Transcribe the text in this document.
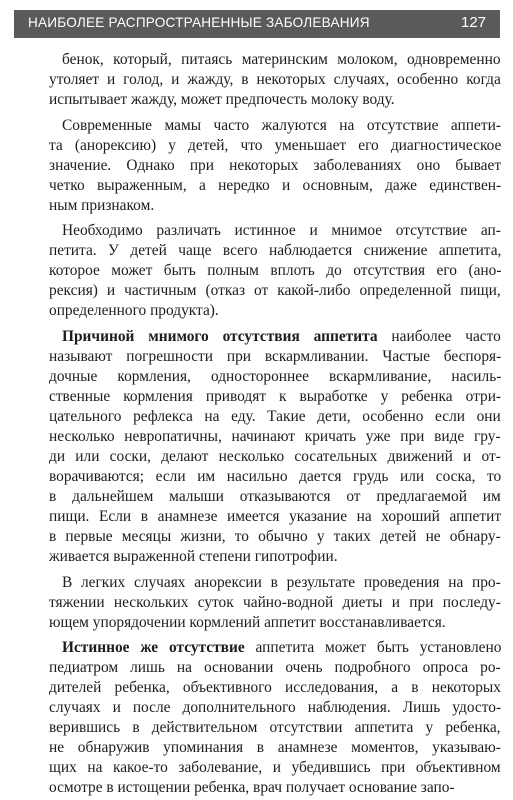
НАИБОЛЕЕ РАСПРОСТРАНЕННЫЕ ЗАБОЛЕВАНИЯ	127
бенок, который, питаясь материнским молоком, одновременно
утоляет и голод, и жажду, в некоторых случаях, особенно когда
испытывает жажду, может предпочесть молоку воду.
Современные мамы часто жалуются на отсутствие аппети-
та (анорексию) у детей, что уменьшает его диагностическое
значение. Однако при некоторых заболеваниях оно бывает
четко выраженным, а нередко и основным, даже единствен-
ным признаком.
Необходимо различать истинное и мнимое отсутствие ап-
петита. У детей чаще всего наблюдается снижение аппетита,
которое может быть полным вплоть до отсутствия его (ано-
рексия) и частичным (отказ от какой-либо определенной пищи,
определенного продукта).
Причиной мнимого отсутствия аппетита наиболее часто
называют погрешности при вскармливании. Частые беспоря-
дочные кормления, одностороннее вскармливание, насиль-
ственные кормления приводят к выработке у ребенка отри-
цательного рефлекса на еду. Такие дети, особенно если они
несколько невропатичны, начинают кричать уже при виде гру-
ди или соски, делают несколько сосательных движений и от-
ворачиваются; если им насильно дается грудь или соска, то
в дальнейшем малыши отказываются от предлагаемой им
пищи. Если в анамнезе имеется указание на хороший аппетит
в первые месяцы жизни, то обычно у таких детей не обнару-
живается выраженной степени гипотрофии.
В легких случаях анорексии в результате проведения на про-
тяжении нескольких суток чайно-водной диеты и при последу-
ющем упорядочении кормлений аппетит восстанавливается.
Истинное же отсутствие аппетита может быть установлено
педиатром лишь на основании очень подробного опроса ро-
дителей ребенка, объективного исследования, а в некоторых
случаях и после дополнительного наблюдения. Лишь удосто-
верившись в действительном отсутствии аппетита у ребенка,
не обнаружив упоминания в анамнезе моментов, указываю-
щих на какое-то заболевание, и убедившись при объективном
осмотре в истощении ребенка, врач получает основание запо-
